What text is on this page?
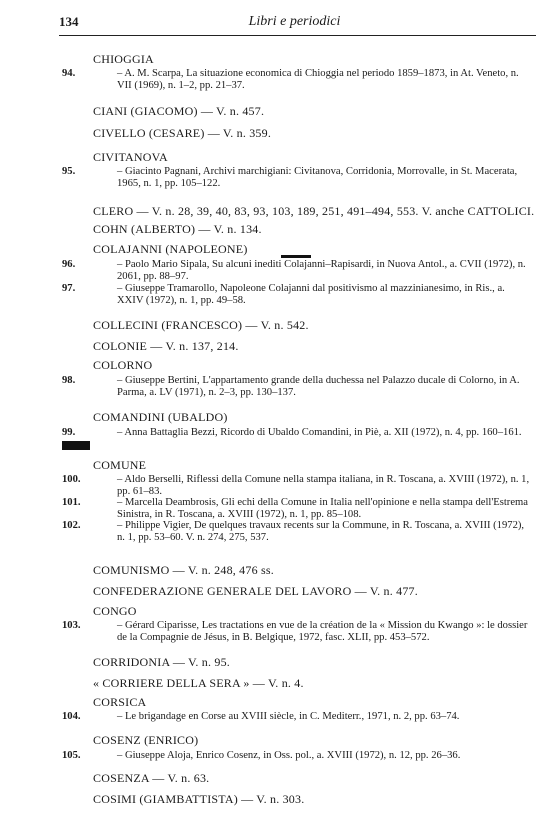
134	Libri e periodici
CHIOGGIA
94.	– A. M. Scarpa, La situazione economica di Chioggia nel periodo 1859–1873, in At. Veneto, n. VII (1969), n. 1–2, pp. 21–37.
CIANI (GIACOMO) — V. n. 457.
CIVELLO (CESARE) — V. n. 359.
CIVITANOVA
95.	– Giacinto Pagnani, Archivi marchigiani: Civitanova, Corridonia, Morrovalle, in St. Macerata, 1965, n. 1, pp. 105–122.
CLERO — V. n. 28, 39, 40, 83, 93, 103, 189, 251, 491–494, 553. V. anche CATTOLICI.
COHN (ALBERTO) — V. n. 134.
COLAJANNI (NAPOLEONE)
96.	– Paolo Mario Sipala, Su alcuni inediti Colajanni–Rapisardi, in Nuova Antol., a. CVII (1972), n. 2061, pp. 88–97.
97.	– Giuseppe Tramarollo, Napoleone Colajanni dal positivismo al mazzinianesimo, in Ris., a. XXIV (1972), n. 1, pp. 49–58.
COLLECINI (FRANCESCO) — V. n. 542.
COLONIE — V. n. 137, 214.
COLORNO
98.	– Giuseppe Bertini, L'appartamento grande della duchessa nel Palazzo ducale di Colorno, in A. Parma, a. LV (1971), n. 2–3, pp. 130–137.
COMANDINI (UBALDO)
99.	– Anna Battaglia Bezzi, Ricordo di Ubaldo Comandini, in Piè, a. XII (1972), n. 4, pp. 160–161.
COMUNE
100.	– Aldo Berselli, Riflessi della Comune nella stampa italiana, in R. Toscana, a. XVIII (1972), n. 1, pp. 61–83.
101.	– Marcella Deambrosis, Gli echi della Comune in Italia nell'opinione e nella stampa dell'Estrema Sinistra, in R. Toscana, a. XVIII (1972), n. 1, pp. 85–108.
102.	– Philippe Vigier, De quelques travaux recents sur la Commune, in R. Toscana, a. XVIII (1972), n. 1, pp. 53–60. V. n. 274, 275, 537.
COMUNISMO — V. n. 248, 476 ss.
CONFEDERAZIONE GENERALE DEL LAVORO — V. n. 477.
CONGO
103.	– Gérard Ciparisse, Les tractations en vue de la création de la « Mission du Kwango »: le dossier de la Compagnie de Jésus, in B. Belgique, 1972, fasc. XLII, pp. 453–572.
CORRIDONIA — V. n. 95.
« CORRIERE DELLA SERA » — V. n. 4.
CORSICA
104.	– Le brigandage en Corse au XVIII siècle, in C. Mediterr., 1971, n. 2, pp. 63–74.
COSENZ (ENRICO)
105.	– Giuseppe Aloja, Enrico Cosenz, in Oss. pol., a. XVIII (1972), n. 12, pp. 26–36.
COSENZA — V. n. 63.
COSIMI (GIAMBATTISTA) — V. n. 303.
